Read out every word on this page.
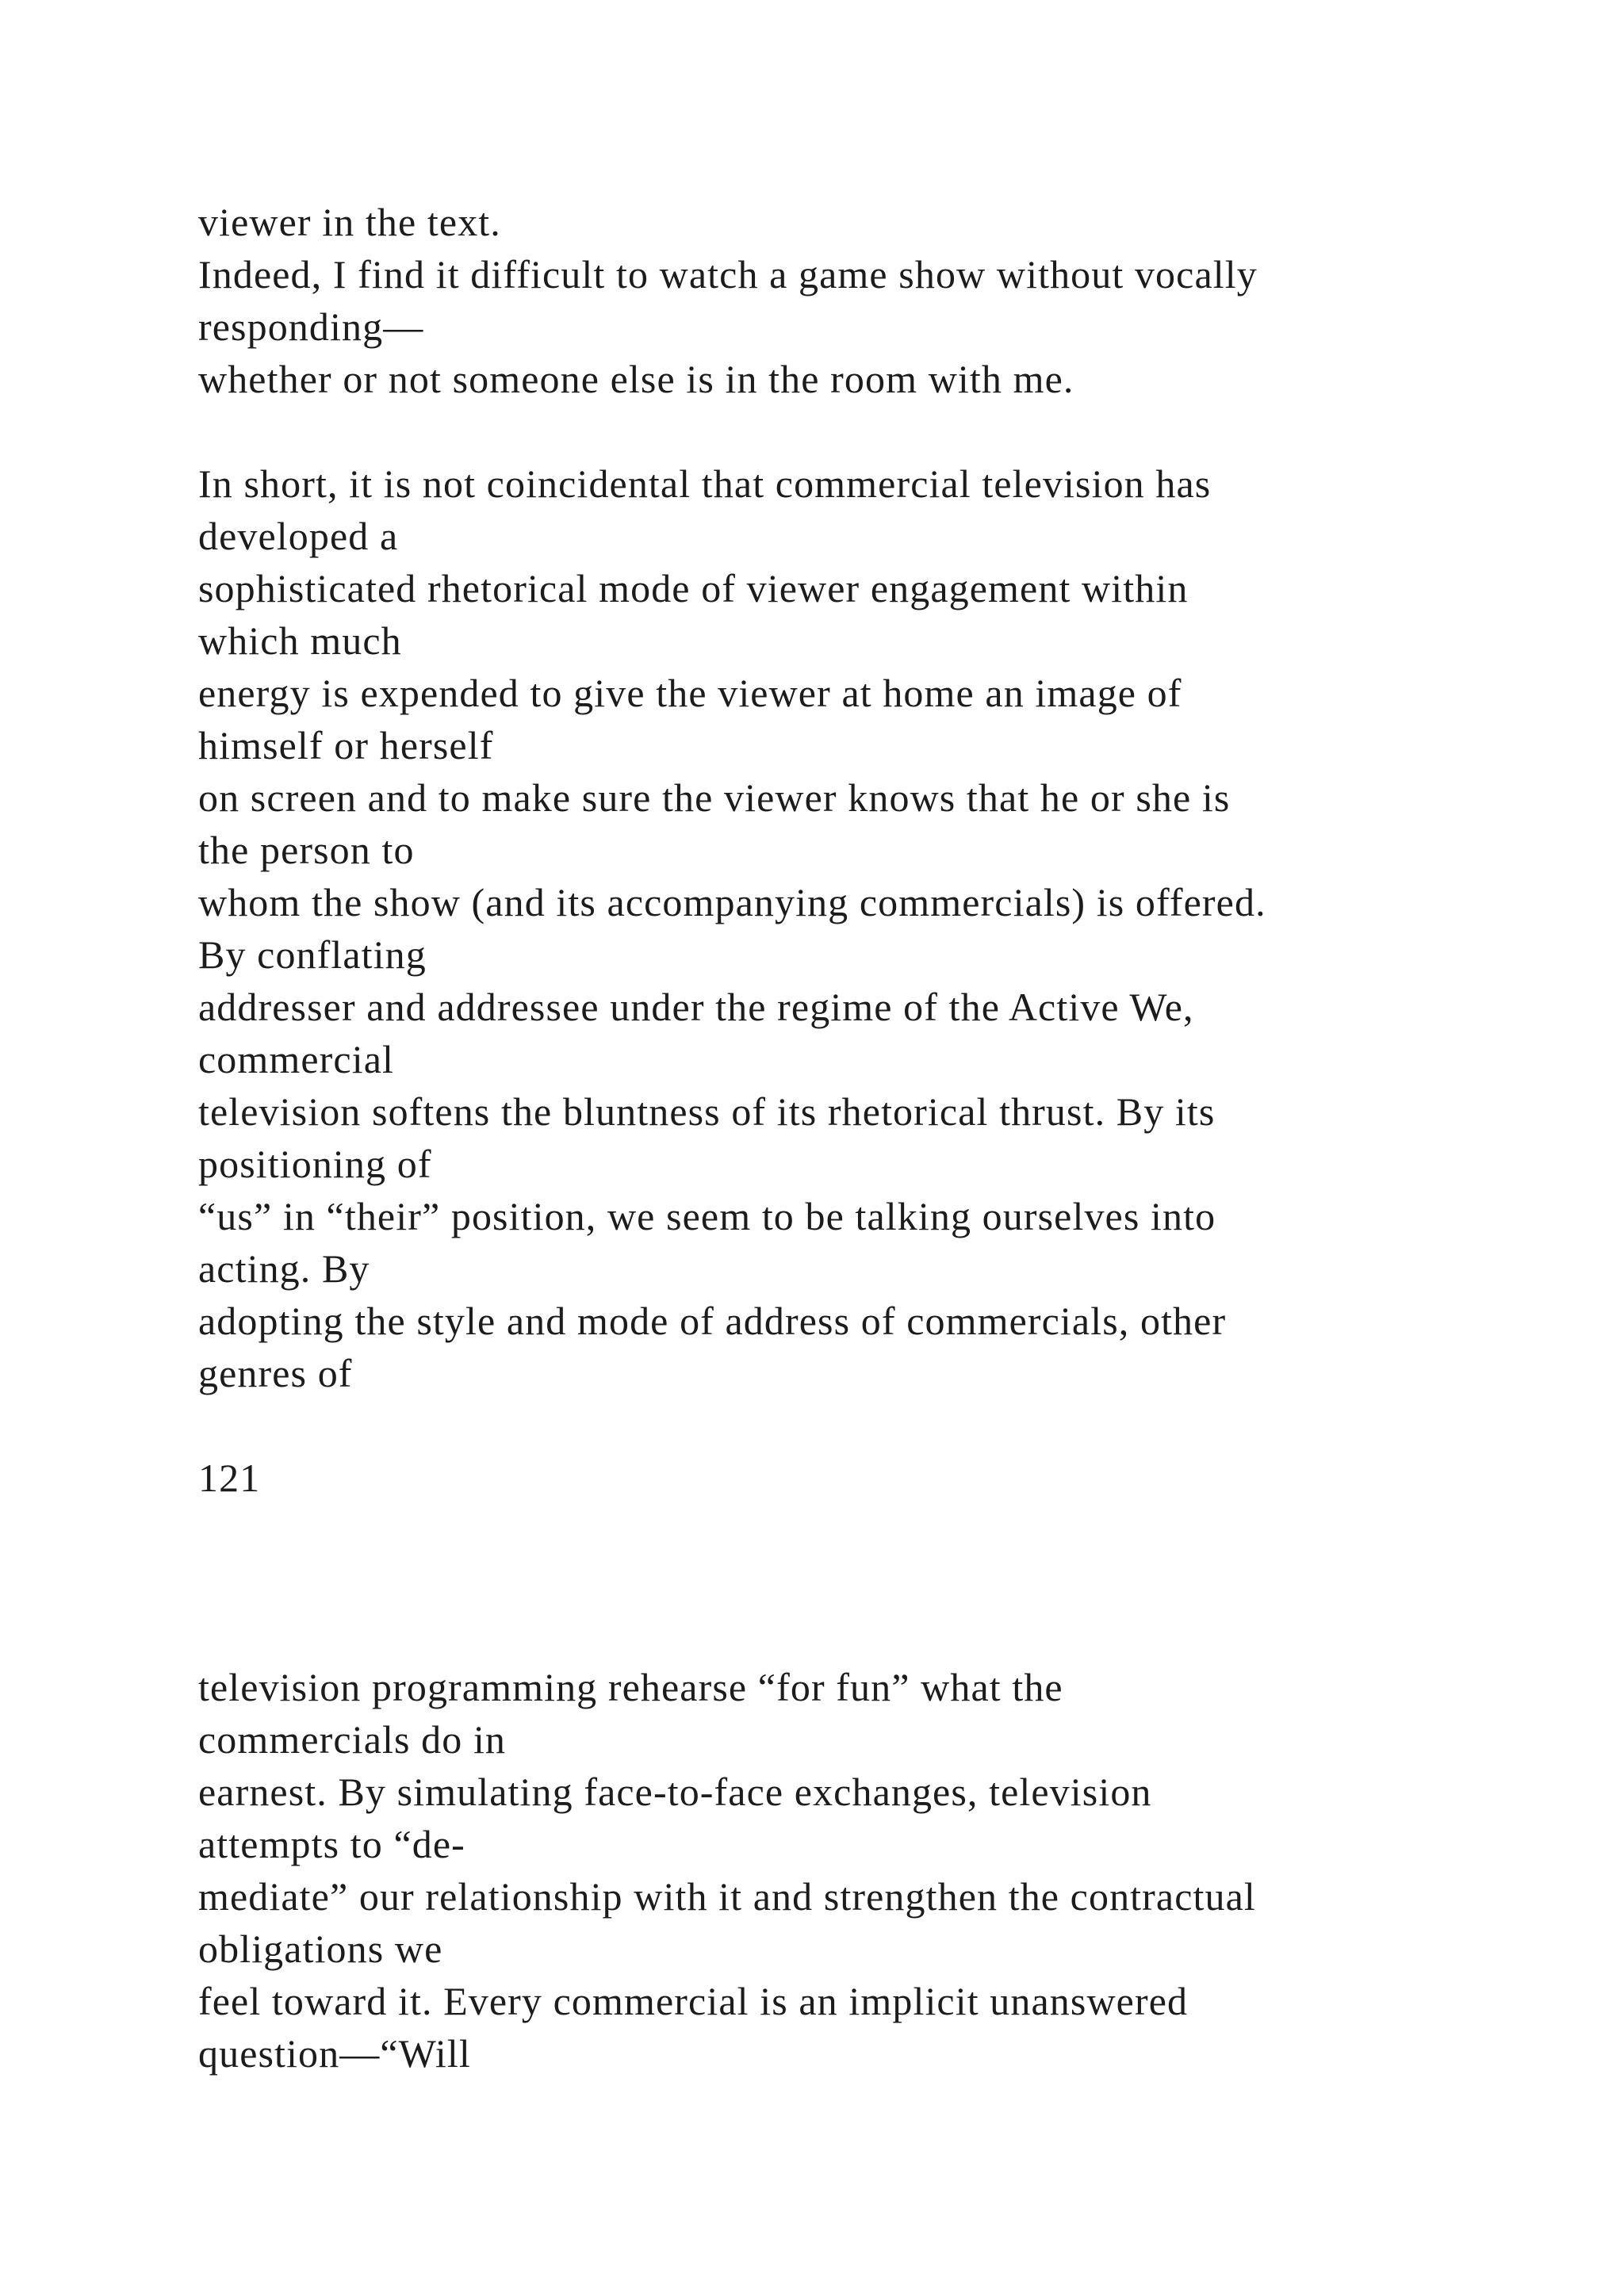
viewer in the text.

Indeed, I find it difficult to watch a game show without vocally

responding—

whether or not someone else is in the room with me.

In short, it is not coincidental that commercial television has

developed a

sophisticated rhetorical mode of viewer engagement within

which much

energy is expended to give the viewer at home an image of

himself or herself

on screen and to make sure the viewer knows that he or she is

the person to

whom the show (and its accompanying commercials) is offered.

By conflating

addresser and addressee under the regime of the Active We,

commercial

television softens the bluntness of its rhetorical thrust. By its

positioning of

“us” in “their” position, we seem to be talking ourselves into

acting. By

adopting the style and mode of address of commercials, other

genres of

121

television programming rehearse “for fun” what the

commercials do in

earnest. By simulating face-to-face exchanges, television

attempts to “de-

mediate” our relationship with it and strengthen the contractual

obligations we

feel toward it. Every commercial is an implicit unanswered

question—“Will
